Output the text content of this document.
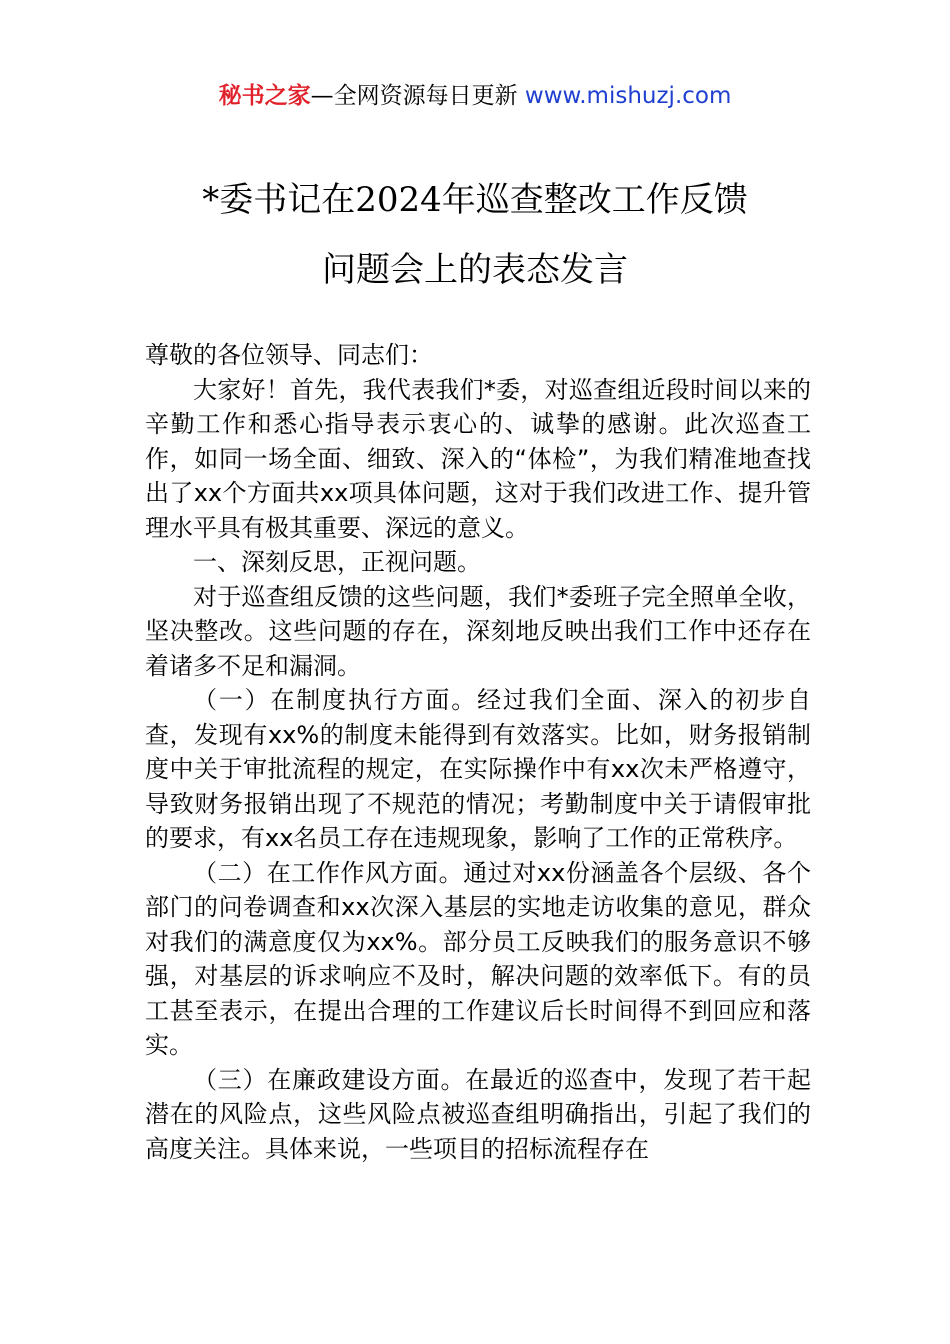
秘书之家—全网资源每日更新 www.mishuzj.com
*委书记在2024年巡查整改工作反馈
问题会上的表态发言

尊敬的各位领导、同志们：

大家好！首先，我代表我们*委，对巡查组近段时间以来的辛勤工作和悉心指导表示衷心的、诚挚的感谢。此次巡查工作，如同一场全面、细致、深入的“体检”，为我们精准地查找出了xx个方面共xx项具体问题，这对于我们改进工作、提升管理水平具有极其重要、深远的意义。

一、深刻反思，正视问题。

对于巡查组反馈的这些问题，我们*委班子完全照单全收，坚决整改。这些问题的存在，深刻地反映出我们工作中还存在着诸多不足和漏洞。

（一）在制度执行方面。经过我们全面、深入的初步自查，发现有xx%的制度未能得到有效落实。比如，财务报销制度中关于审批流程的规定，在实际操作中有xx次未严格遵守，导致财务报销出现了不规范的情况；考勤制度中关于请假审批的要求，有xx名员工存在违规现象，影响了工作的正常秩序。

（二）在工作作风方面。通过对xx份涵盖各个层级、各个部门的问卷调查和xx次深入基层的实地走访收集的意见，群众对我们的满意度仅为xx%。部分员工反映我们的服务意识不够强，对基层的诉求响应不及时，解决问题的效率低下。有的员工甚至表示，在提出合理的工作建议后长时间得不到回应和落实。

（三）在廉政建设方面。在最近的巡查中，发现了若干起潜在的风险点，这些风险点被巡查组明确指出，引起了我们的高度关注。具体来说，一些项目的招标流程存在
